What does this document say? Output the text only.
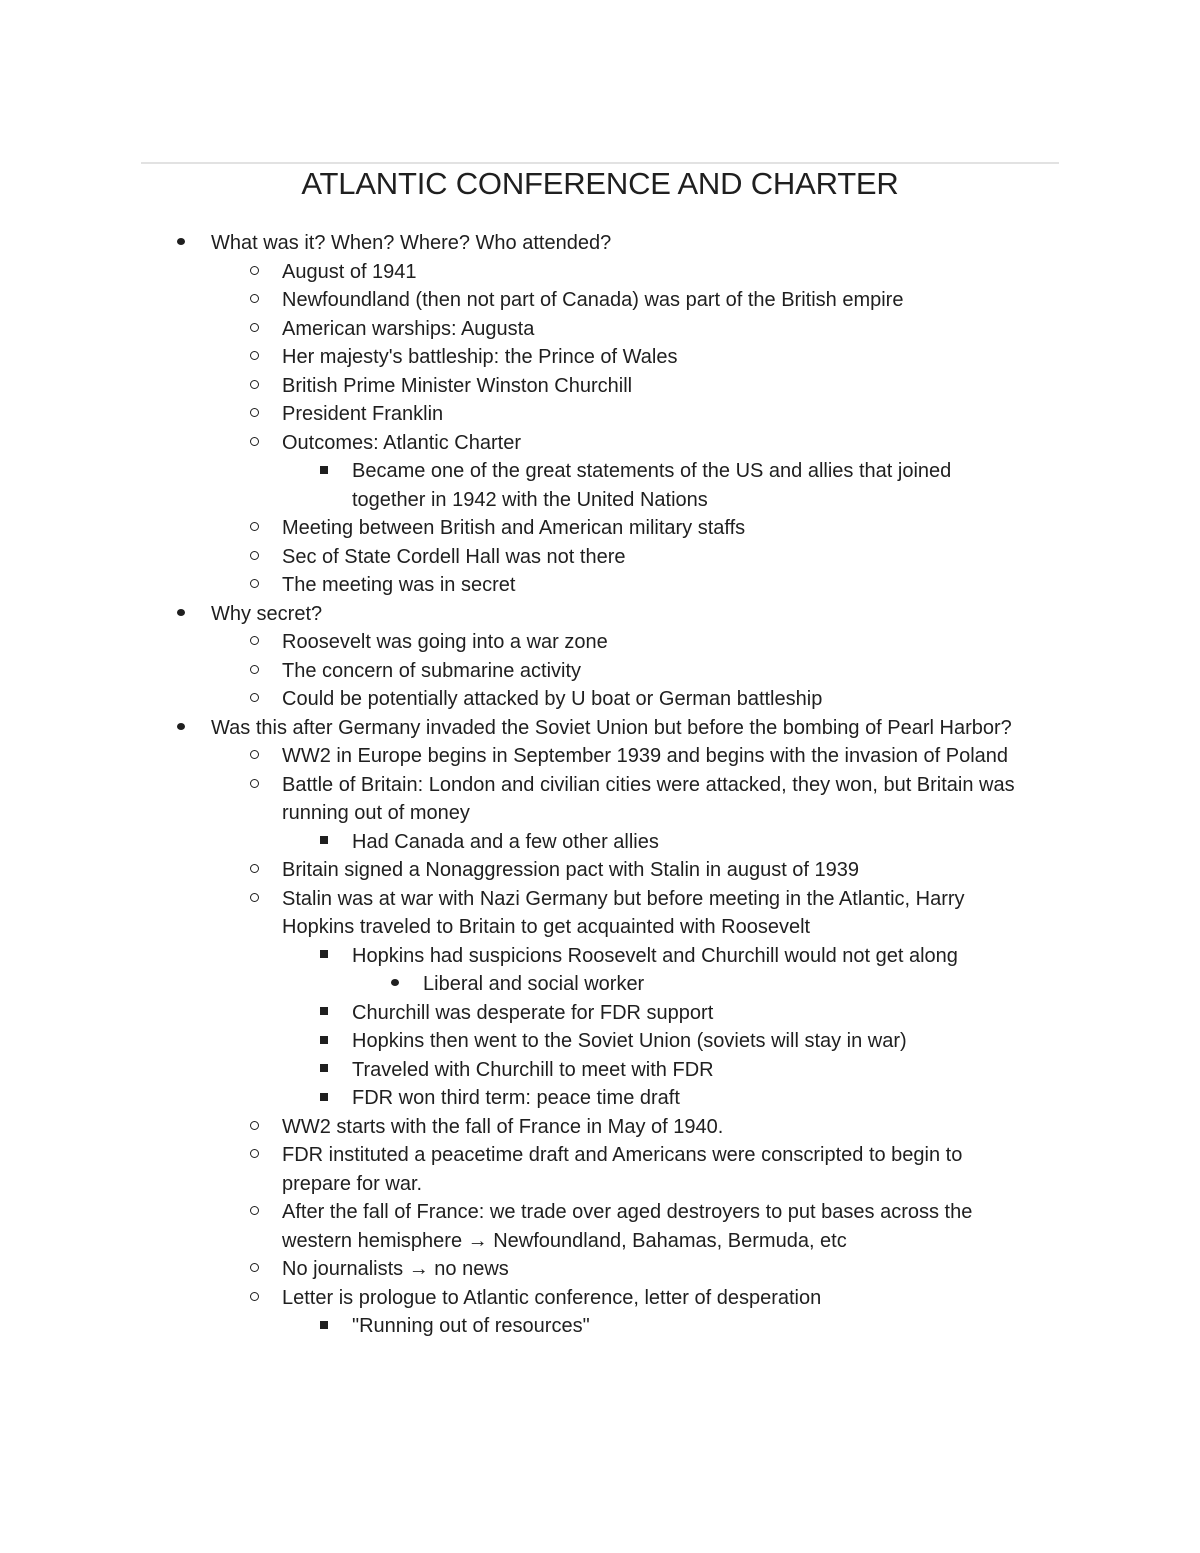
ATLANTIC CONFERENCE AND CHARTER
What was it? When? Where? Who attended?
August of 1941
Newfoundland (then not part of Canada) was part of the British empire
American warships: Augusta
Her majesty's battleship: the Prince of Wales
British Prime Minister Winston Churchill
President Franklin
Outcomes: Atlantic Charter
Became one of the great statements of the US and allies that joined together in 1942 with the United Nations
Meeting between British and American military staffs
Sec of State Cordell Hall was not there
The meeting was in secret
Why secret?
Roosevelt was going into a war zone
The concern of submarine activity
Could be potentially attacked by U boat or German battleship
Was this after Germany invaded the Soviet Union but before the bombing of Pearl Harbor?
WW2 in Europe begins in September 1939 and begins with the invasion of Poland
Battle of Britain: London and civilian cities were attacked, they won, but Britain was running out of money
Had Canada and a few other allies
Britain signed a Nonaggression pact with Stalin in august of 1939
Stalin was at war with Nazi Germany but before meeting in the Atlantic, Harry Hopkins traveled to Britain to get acquainted with Roosevelt
Hopkins had suspicions Roosevelt and Churchill would not get along
Liberal and social worker
Churchill was desperate for FDR support
Hopkins then went to the Soviet Union (soviets will stay in war)
Traveled with Churchill to meet with FDR
FDR won third term: peace time draft
WW2 starts with the fall of France in May of 1940.
FDR instituted a peacetime draft and Americans were conscripted to begin to prepare for war.
After the fall of France: we trade over aged destroyers to put bases across the western hemisphere → Newfoundland, Bahamas, Bermuda, etc
No journalists → no news
Letter is prologue to Atlantic conference, letter of desperation
"Running out of resources"
